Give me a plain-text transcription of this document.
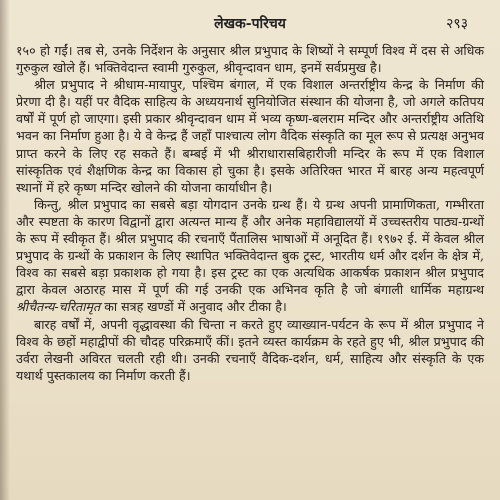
लेखक-परिचय	२९३

१५० हो गईं। तब से, उनके निर्देशन के अनुसार श्रील प्रभुपाद के शिष्यों ने सम्पूर्ण विश्व में दस से अधिक गुरुकुल खोले हैं। भक्तिवेदान्त स्वामी गुरुकुल, श्रीवृन्दावन धाम, इनमें सर्वप्रमुख है।

श्रील प्रभुपाद ने श्रीधाम-मायापुर, पश्चिम बंगाल, में एक विशाल अन्तर्राष्ट्रीय केन्द्र के निर्माण की प्रेरणा दी है। यहीं पर वैदिक साहित्य के अध्ययनार्थ सुनियोजित संस्थान की योजना है, जो अगले कतिपय वर्षों में पूर्ण हो जाएगा। इसी प्रकार श्रीवृन्दावन धाम में भव्य कृष्ण-बलराम मन्दिर और अन्तर्राष्ट्रीय अतिथि भवन का निर्माण हुआ है। ये वे केन्द्र हैं जहाँ पाश्चात्य लोग वैदिक संस्कृति का मूल रूप से प्रत्यक्ष अनुभव प्राप्त करने के लिए रह सकते हैं। बम्बई में भी श्रीराधारासबिहारीजी मन्दिर के रूप में एक विशाल सांस्कृतिक एवं शैक्षणिक केन्द्र का विकास हो चुका है। इसके अतिरिक्त भारत में बारह अन्य महत्वपूर्ण स्थानों में हरे कृष्ण मन्दिर खोलने की योजना कार्याधीन है।

किन्तु, श्रील प्रभुपाद का सबसे बड़ा योगदान उनके ग्रन्थ हैं। ये ग्रन्थ अपनी प्रामाणिकता, गम्भीरता और स्पष्टता के कारण विद्वानों द्वारा अत्यन्त मान्य हैं और अनेक महाविद्यालयों में उच्चस्तरीय पाठ्य-ग्रन्थों के रूप में स्वीकृत हैं। श्रील प्रभुपाद की रचनाएँ पैंतालिस भाषाओं में अनूदित हैं। १९७२ ई. में केवल श्रील प्रभुपाद के ग्रन्थों के प्रकाशन के लिए स्थापित भक्तिवेदान्त बुक ट्रस्ट, भारतीय धर्म और दर्शन के क्षेत्र में, विश्व का सबसे बड़ा प्रकाशक हो गया है। इस ट्रस्ट का एक अत्यधिक आकर्षक प्रकाशन श्रील प्रभुपाद द्वारा केवल अठारह मास में पूर्ण की गई उनकी एक अभिनव कृति है जो बंगाली धार्मिक महाग्रन्थ श्रीचैतन्य-चरितामृत का सत्रह खण्डों में अनुवाद और टीका है।

बारह वर्षों में, अपनी वृद्धावस्था की चिन्ता न करते हुए व्याख्यान-पर्यटन के रूप में श्रील प्रभुपाद ने विश्व के छहों महाद्वीपों की चौदह परिक्रमाएँ कीं। इतने व्यस्त कार्यक्रम के रहते हुए भी, श्रील प्रभुपाद की उर्वरा लेखनी अविरत चलती रही थी। उनकी रचनाएँ वैदिक-दर्शन, धर्म, साहित्य और संस्कृति के एक यथार्थ पुस्तकालय का निर्माण करती हैं।
